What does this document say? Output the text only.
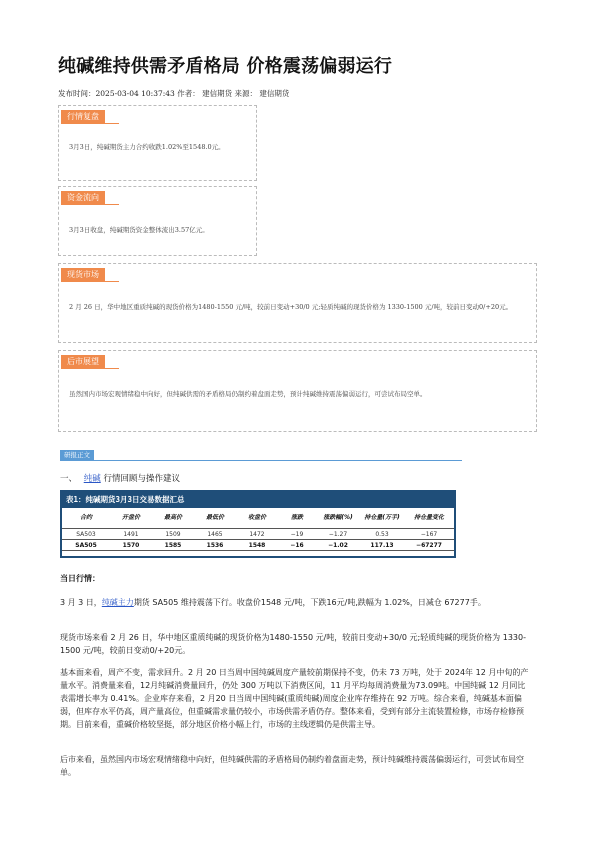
纯碱维持供需矛盾格局 价格震荡偏弱运行
发布时间：2025-03-04 10:37:43 作者： 建信期货 来源： 建信期货
行情复盘
3月3日，纯碱期货主力合约收跌1.02%至1548.0元。
资金流向
3月3日收盘，纯碱期货资金整体流出3.57亿元。
现货市场
2 月 26 日，华中地区重质纯碱的现货价格为1480-1550 元/吨，较前日变动+30/0 元;轻质纯碱的现货价格为 1330-1500 元/吨，较前日变动0/+20元。
后市展望
虽然国内市场宏观情绪稳中向好，但纯碱供需的矛盾格局仍制约着盘面走势，预计纯碱维持震荡偏弱运行，可尝试布局空单。
研报正文
一、 纯碱 行情回顾与操作建议
表1：纯碱期货3月3日交易数据汇总
合约	开盘价	最高价	最低价	收盘价	涨跌	涨跌幅(%)	持仓量(万手)	持仓量变化
SA503	1491	1509	1465	1472	−19	−1.27	0.53	−167
SA505	1570	1585	1536	1548	−16	−1.02	117.13	−67277
当日行情：
3 月 3 日，纯碱主力期货 SA505 维持震荡下行。收盘价1548 元/吨，下跌16元/吨,跌幅为 1.02%，日减仓 67277手。
现货市场来看 2 月 26 日，华中地区重质纯碱的现货价格为1480-1550 元/吨，较前日变动+30/0 元;轻质纯碱的现货价格为 1330-1500 元/吨，较前日变动0/+20元。
基本面来看，周产不变，需求回升。2 月 20 日当周中国纯碱周度产量较前期保持不变，仍未 73 万吨，处于 2024年 12 月中旬的产量水平。消费量来看，12月纯碱消费量回升，仍处 300 万吨以下消费区间，11 月平均每周消费量为73.09吨。中国纯碱 12 月同比表需增长率为 0.41%。企业库存来看，2 月20 日当周中国纯碱(重质纯碱)周度企业库存维持在 92 万吨。综合来看，纯碱基本面偏弱，但库存水平仍高，周产量高位，但重碱需求量仍较小，市场供需矛盾仍存。整体来看，受到有部分主流装置检修，市场存检修预期。目前来看，重碱价格较坚挺，部分地区价格小幅上行，市场的主线逻辑仍是供需主导。
后市来看，虽然国内市场宏观情绪稳中向好，但纯碱供需的矛盾格局仍制约着盘面走势，预计纯碱维持震荡偏弱运行，可尝试布局空单。
